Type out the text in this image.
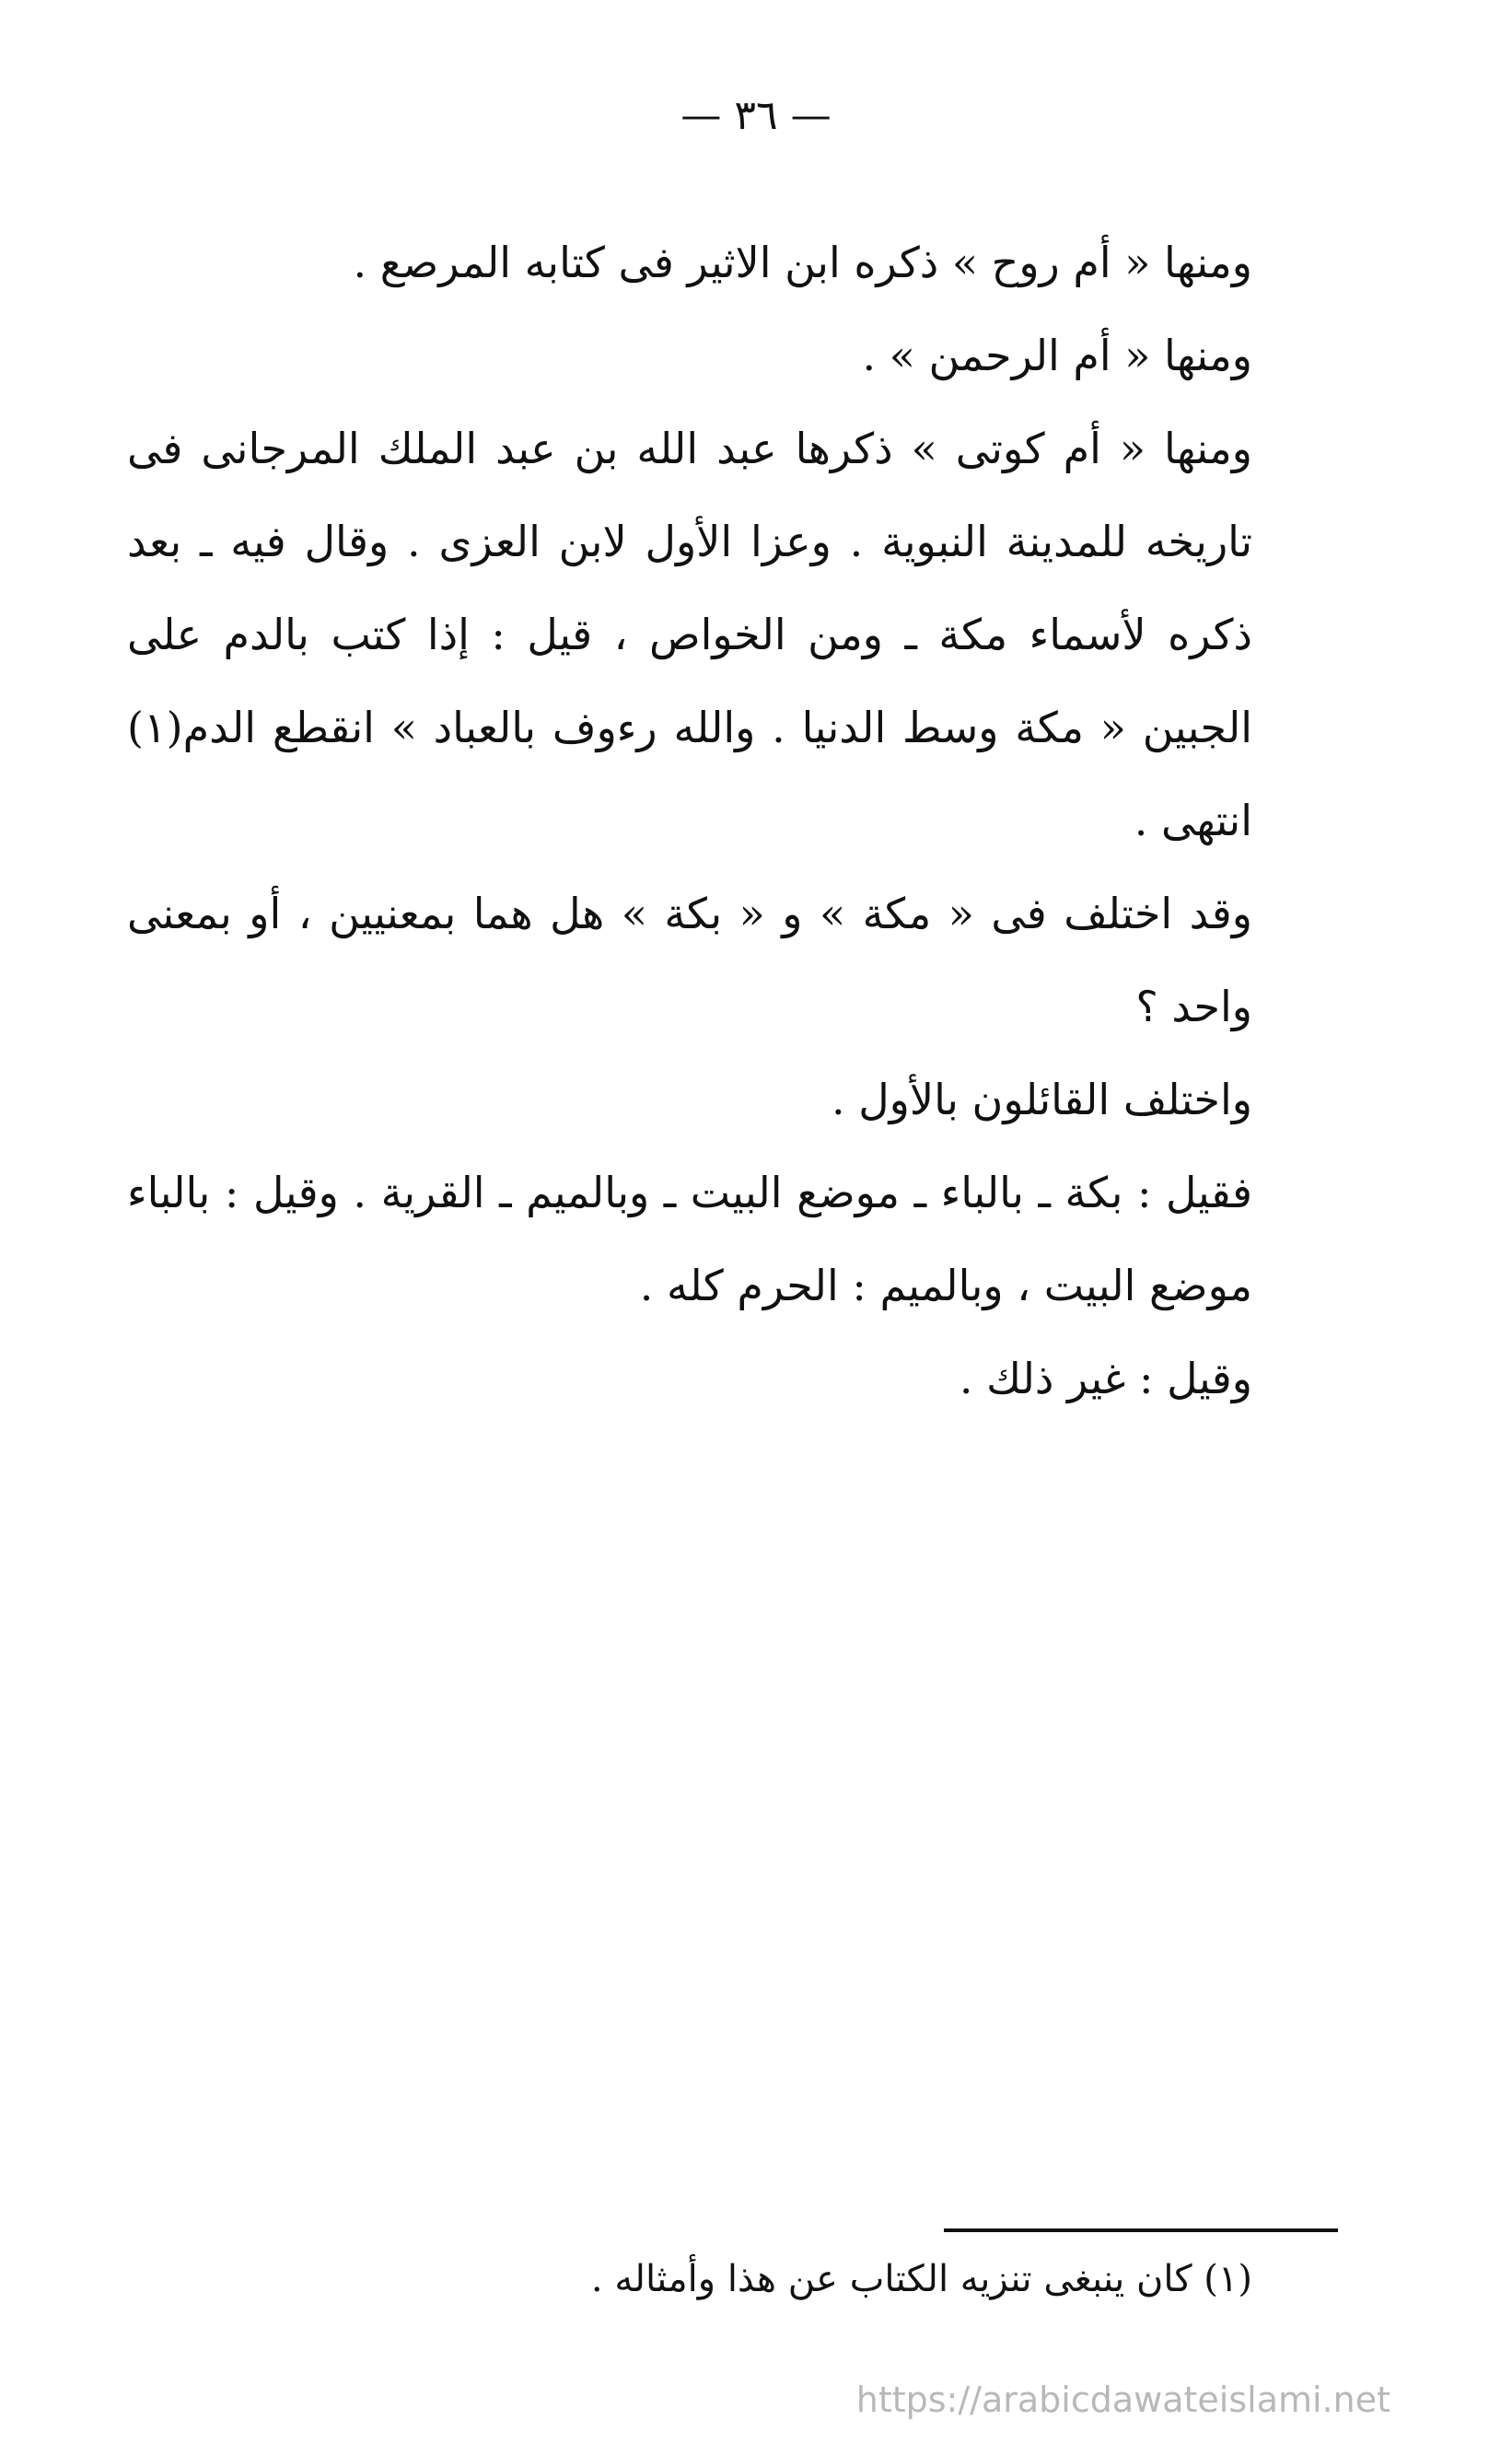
— ٣٦ —

ومنها « أم روح » ذكره ابن الاثير فى كتابه المرصع .

ومنها « أم الرحمن » .

ومنها « أم كوتى » ذكرها عبد الله بن عبد الملك المرجانى فى تاريخه للمدينة النبوية . وعزا الأول لابن العزى . وقال فيه ـ بعد ذكره لأسماء مكة ـ ومن الخواص ، قيل : إذا كتب بالدم على الجبين « مكة وسط الدنيا . والله رءوف بالعباد » انقطع الدم(١) انتهى .

وقد اختلف فى « مكة » و « بكة » هل هما بمعنيين ، أو بمعنى واحد ؟

واختلف القائلون بالأول .

فقيل : بكة ـ بالباء ـ موضع البيت ـ وبالميم ـ القرية . وقيل : بالباء موضع البيت ، وبالميم : الحرم كله .

وقيل : غير ذلك .

(١) كان ينبغى تنزيه الكتاب عن هذا وأمثاله .
https://arabicdawateislami.net
